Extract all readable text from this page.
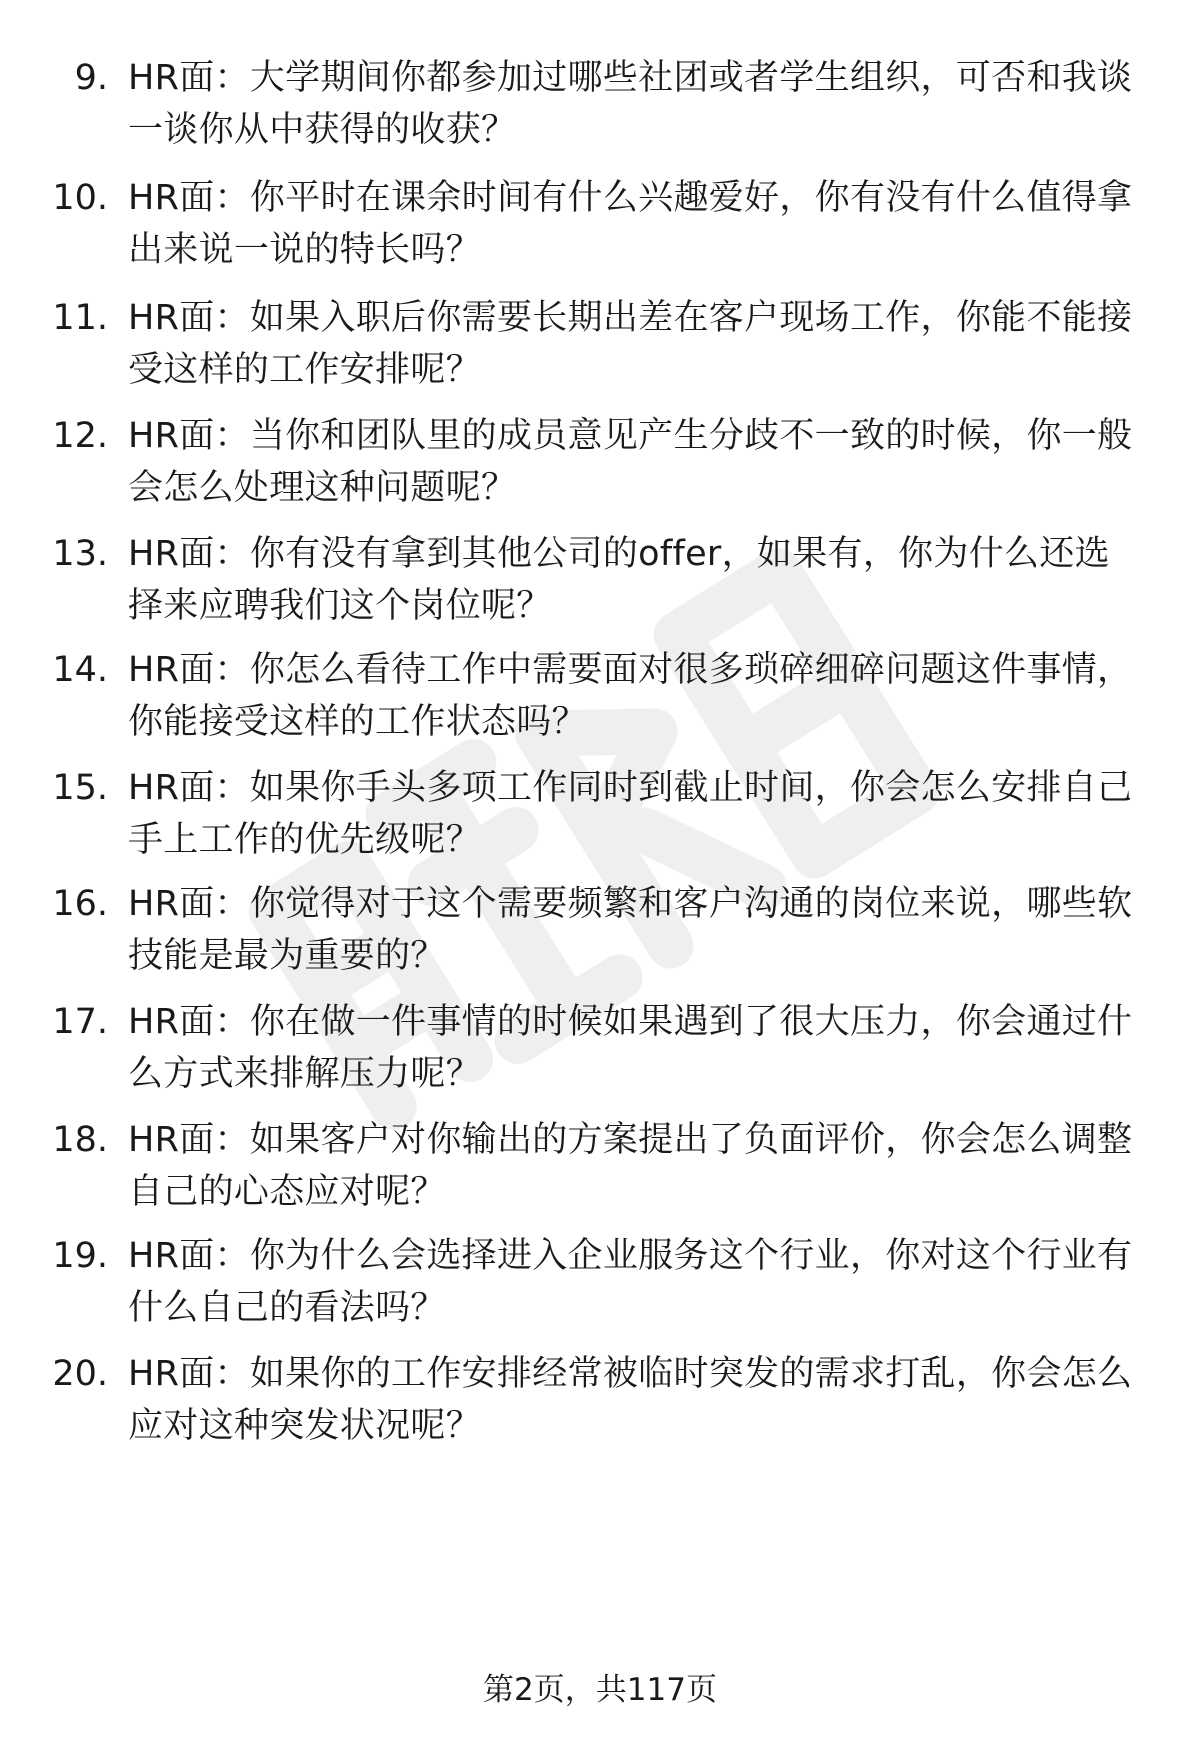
9. HR面：大学期间你都参加过哪些社团或者学生组织，可否和我谈
一谈你从中获得的收获？
10. HR面：你平时在课余时间有什么兴趣爱好，你有没有什么值得拿
出来说一说的特长吗？
11. HR面：如果入职后你需要长期出差在客户现场工作，你能不能接
受这样的工作安排呢？
12. HR面：当你和团队里的成员意见产生分歧不一致的时候，你一般
会怎么处理这种问题呢？
13. HR面：你有没有拿到其他公司的offer，如果有，你为什么还选
择来应聘我们这个岗位呢？
14. HR面：你怎么看待工作中需要面对很多琐碎细碎问题这件事情，
你能接受这样的工作状态吗？
15. HR面：如果你手头多项工作同时到截止时间，你会怎么安排自己
手上工作的优先级呢？
16. HR面：你觉得对于这个需要频繁和客户沟通的岗位来说，哪些软
技能是最为重要的？
17. HR面：你在做一件事情的时候如果遇到了很大压力，你会通过什
么方式来排解压力呢？
18. HR面：如果客户对你输出的方案提出了负面评价，你会怎么调整
自己的心态应对呢？
19. HR面：你为什么会选择进入企业服务这个行业，你对这个行业有
什么自己的看法吗？
20. HR面：如果你的工作安排经常被临时突发的需求打乱，你会怎么
应对这种突发状况呢？
第2页，共117页
